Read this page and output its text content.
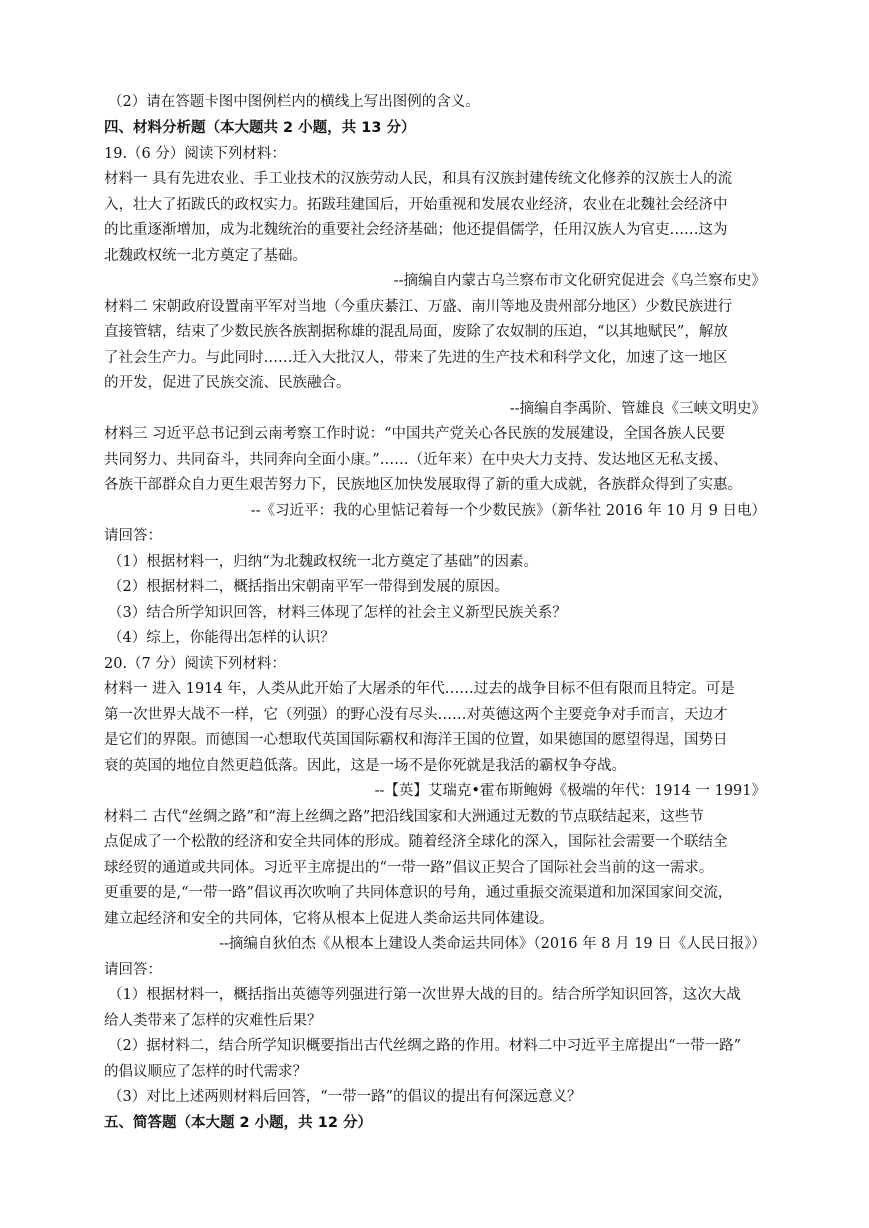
（2）请在答题卡图中图例栏内的横线上写出图例的含义。
四、材料分析题（本大题共 2 小题，共 13 分）
19.（6 分）阅读下列材料：
材料一 具有先进农业、手工业技术的汉族劳动人民，和具有汉族封建传统文化修养的汉族士人的流
入，壮大了拓跋氏的政权实力。拓跋珪建国后，开始重视和发展农业经济，农业在北魏社会经济中
的比重逐渐增加，成为北魏统治的重要社会经济基础；他还提倡儒学，任用汉族人为官吏……这为
北魏政权统一北方奠定了基础。
--摘编自内蒙古乌兰察布市文化研究促进会《乌兰察布史》
材料二 宋朝政府设置南平军对当地（今重庆綦江、万盛、南川等地及贵州部分地区）少数民族进行
直接管辖，结束了少数民族各族割据称雄的混乱局面，废除了农奴制的压迫，“以其地赋民”，解放
了社会生产力。与此同时……迁入大批汉人，带来了先进的生产技术和科学文化，加速了这一地区
的开发，促进了民族交流、民族融合。
--摘编自李禹阶、管雄良《三峡文明史》
材料三 习近平总书记到云南考察工作时说：“中国共产党关心各民族的发展建设，全国各族人民要
共同努力、共同奋斗，共同奔向全面小康。”……（近年来）在中央大力支持、发达地区无私支援、
各族干部群众自力更生艰苦努力下，民族地区加快发展取得了新的重大成就，各族群众得到了实惠。
--《习近平：我的心里惦记着每一个少数民族》（新华社 2016 年 10 月 9 日电）
请回答：
（1）根据材料一，归纳“为北魏政权统一北方奠定了基础”的因素。
（2）根据材料二，概括指出宋朝南平军一带得到发展的原因。
（3）结合所学知识回答，材料三体现了怎样的社会主义新型民族关系？
（4）综上，你能得出怎样的认识？
20.（7 分）阅读下列材料：
材料一 进入 1914 年，人类从此开始了大屠杀的年代……过去的战争目标不但有限而且特定。可是
第一次世界大战不一样，它（列强）的野心没有尽头……对英德这两个主要竞争对手而言，天边才
是它们的界限。而德国一心想取代英国国际霸权和海洋王国的位置，如果德国的愿望得逞，国势日
衰的英国的地位自然更趋低落。因此，这是一场不是你死就是我活的霸权争夺战。
--【英】艾瑞克•霍布斯鲍姆《极端的年代：1914 一 1991》
材料二 古代“丝绸之路”和“海上丝绸之路”把沿线国家和大洲通过无数的节点联结起来，这些节
点促成了一个松散的经济和安全共同体的形成。随着经济全球化的深入，国际社会需要一个联结全
球经贸的通道或共同体。习近平主席提出的“一带一路”倡议正契合了国际社会当前的这一需求。
更重要的是,“一带一路”倡议再次吹响了共同体意识的号角，通过重振交流渠道和加深国家间交流，
建立起经济和安全的共同体，它将从根本上促进人类命运共同体建设。
--摘编自狄伯杰《从根本上建设人类命运共同体》（2016 年 8 月 19 日《人民日报》）
请回答：
（1）根据材料一，概括指出英德等列强进行第一次世界大战的目的。结合所学知识回答，这次大战
给人类带来了怎样的灾难性后果？
（2）据材料二，结合所学知识概要指出古代丝绸之路的作用。材料二中习近平主席提出“一带一路”
的倡议顺应了怎样的时代需求？
（3）对比上述两则材料后回答，“一带一路”的倡议的提出有何深远意义？
五、简答题（本大题 2 小题，共 12 分）
